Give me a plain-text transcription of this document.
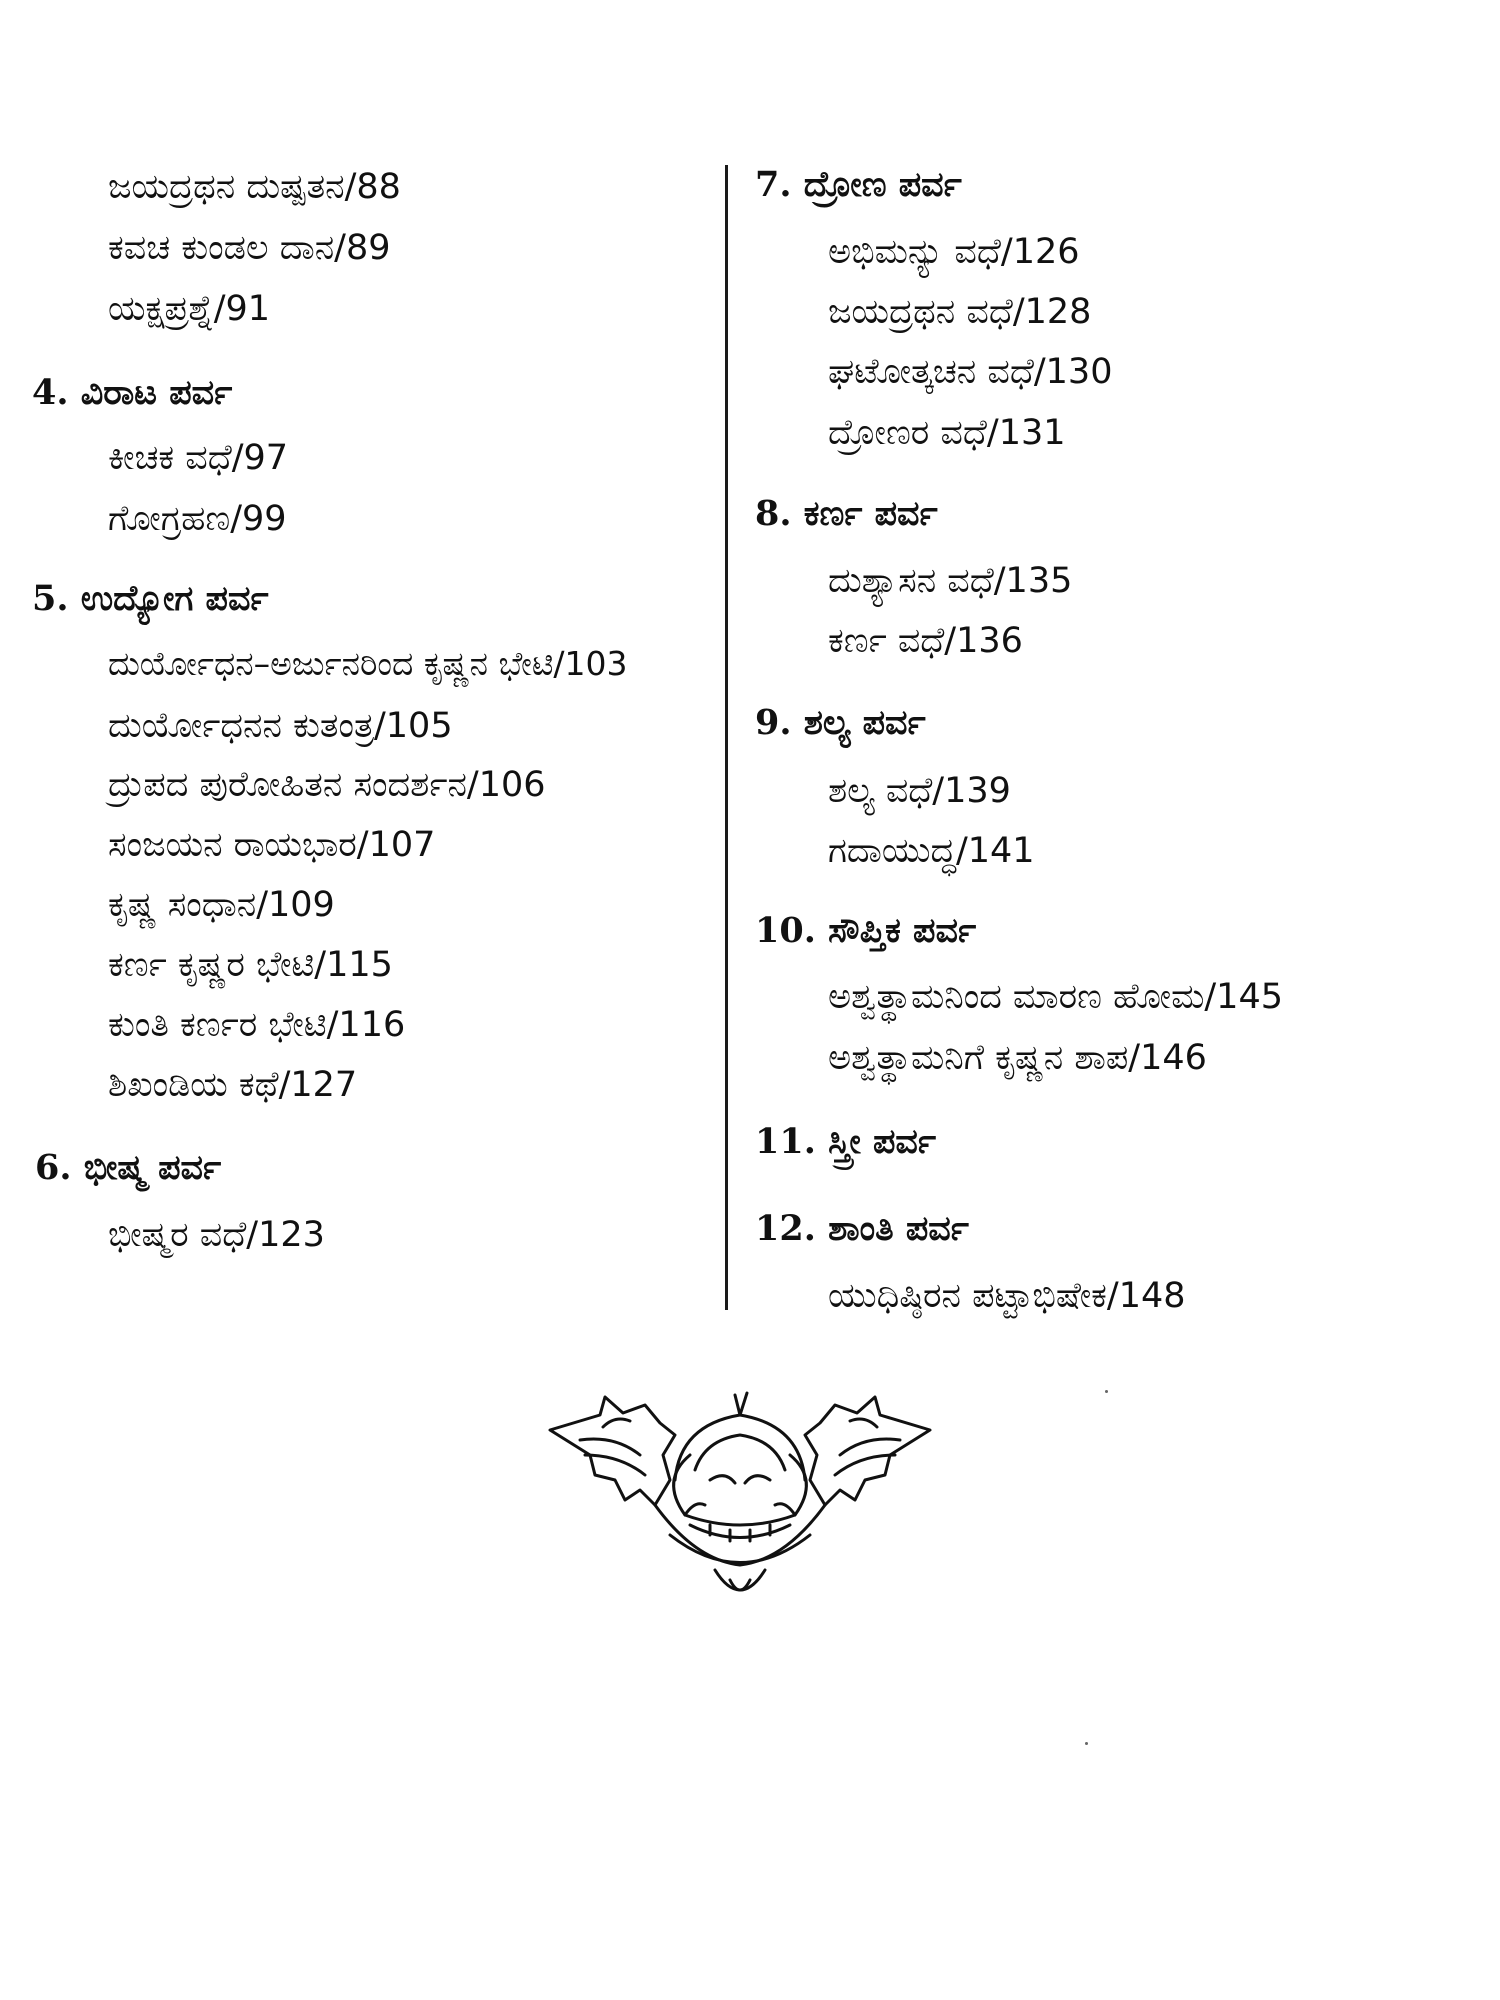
ಜಯದ್ರಥನ ದುಷ್ಪತನ/88
ಕವಚ ಕುಂಡಲ ದಾನ/89
ಯಕ್ಷಪ್ರಶ್ನೆ/91
4. ವಿರಾಟ ಪರ್ವ
ಕೀಚಕ ವಧೆ/97
ಗೋಗ್ರಹಣ/99
5. ಉದ್ಯೋಗ ಪರ್ವ
ದುರ್ಯೋಧನ–ಅರ್ಜುನರಿಂದ ಕೃಷ್ಣನ ಭೇಟಿ/103
ದುರ್ಯೋಧನನ ಕುತಂತ್ರ/105
ದ್ರುಪದ ಪುರೋಹಿತನ ಸಂದರ್ಶನ/106
ಸಂಜಯನ ರಾಯಭಾರ/107
ಕೃಷ್ಣ ಸಂಧಾನ/109
ಕರ್ಣ ಕೃಷ್ಣರ ಭೇಟಿ/115
ಕುಂತಿ ಕರ್ಣರ ಭೇಟಿ/116
ಶಿಖಂಡಿಯ ಕಥೆ/127
6. ಭೀಷ್ಮ ಪರ್ವ
ಭೀಷ್ಮರ ವಧೆ/123
7. ದ್ರೋಣ ಪರ್ವ
ಅಭಿಮನ್ಯು ವಧೆ/126
ಜಯದ್ರಥನ ವಧೆ/128
ಘಟೋತ್ಕಚನ ವಧೆ/130
ದ್ರೋಣರ ವಧೆ/131
8. ಕರ್ಣ ಪರ್ವ
ದುಶ್ಯಾಸನ ವಧೆ/135
ಕರ್ಣ ವಧೆ/136
9. ಶಲ್ಯ ಪರ್ವ
ಶಲ್ಯ ವಧೆ/139
ಗದಾಯುದ್ಧ/141
10. ಸೌಪ್ತಿಕ ಪರ್ವ
ಅಶ್ವತ್ಥಾಮನಿಂದ ಮಾರಣ ಹೋಮ/145
ಅಶ್ವತ್ಥಾಮನಿಗೆ ಕೃಷ್ಣನ ಶಾಪ/146
11. ಸ್ತ್ರೀ ಪರ್ವ
12. ಶಾಂತಿ ಪರ್ವ
ಯುಧಿಷ್ಠಿರನ ಪಟ್ಟಾಭಿಷೇಕ/148
